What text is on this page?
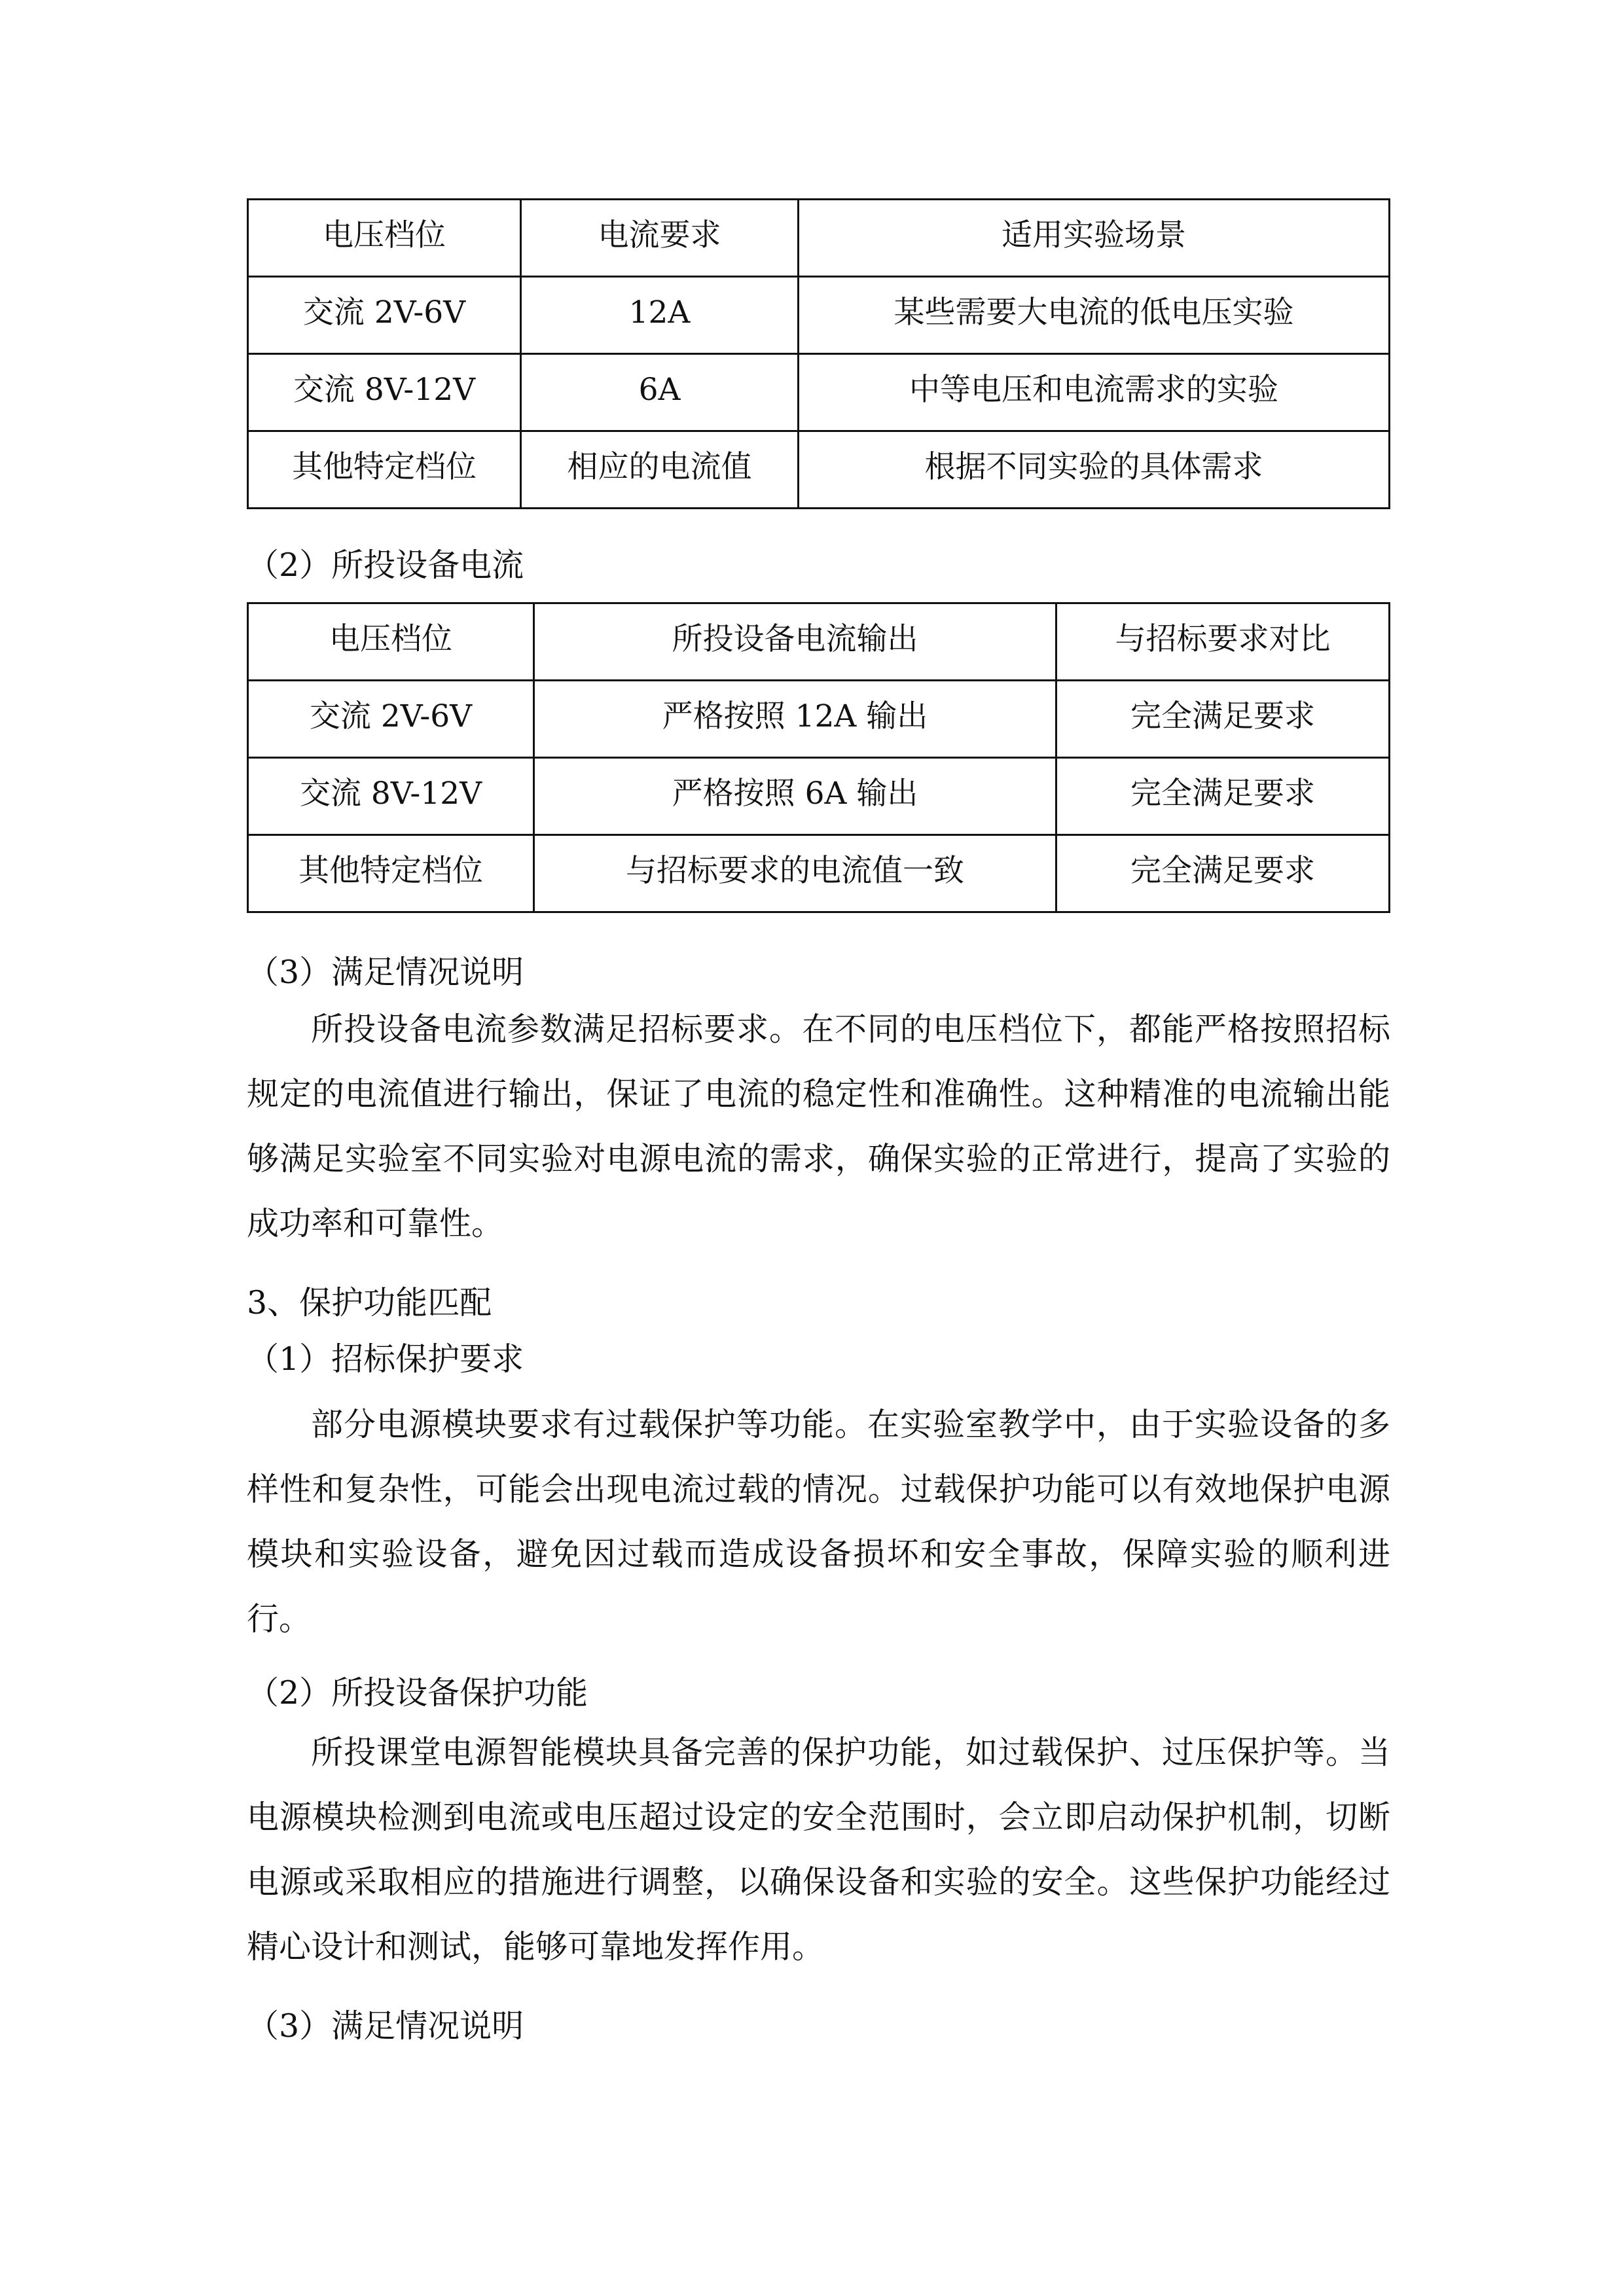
电压档位	电流要求	适用实验场景
交流 2V-6V	12A	某些需要大电流的低电压实验
交流 8V-12V	6A	中等电压和电流需求的实验
其他特定档位	相应的电流值	根据不同实验的具体需求
（2）所投设备电流
电压档位	所投设备电流输出	与招标要求对比
交流 2V-6V	严格按照 12A 输出	完全满足要求
交流 8V-12V	严格按照 6A 输出	完全满足要求
其他特定档位	与招标要求的电流值一致	完全满足要求
（3）满足情况说明
所投设备电流参数满足招标要求。在不同的电压档位下，都能严格按照招标规定的电流值进行输出，保证了电流的稳定性和准确性。这种精准的电流输出能够满足实验室不同实验对电源电流的需求，确保实验的正常进行，提高了实验的成功率和可靠性。
3、保护功能匹配
（1）招标保护要求
部分电源模块要求有过载保护等功能。在实验室教学中，由于实验设备的多样性和复杂性，可能会出现电流过载的情况。过载保护功能可以有效地保护电源模块和实验设备，避免因过载而造成设备损坏和安全事故，保障实验的顺利进行。
（2）所投设备保护功能
所投课堂电源智能模块具备完善的保护功能，如过载保护、过压保护等。当电源模块检测到电流或电压超过设定的安全范围时，会立即启动保护机制，切断电源或采取相应的措施进行调整，以确保设备和实验的安全。这些保护功能经过精心设计和测试，能够可靠地发挥作用。
（3）满足情况说明
